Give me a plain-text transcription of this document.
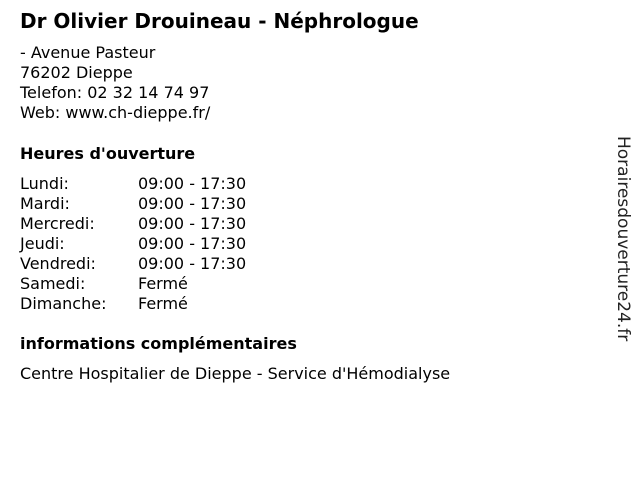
Dr Olivier Drouineau - Néphrologue
- Avenue Pasteur
76202 Dieppe
Telefon: 02 32 14 74 97
Web: www.ch-dieppe.fr/
Heures d'ouverture
Lundi:	09:00 - 17:30
Mardi:	09:00 - 17:30
Mercredi:	09:00 - 17:30
Jeudi:	09:00 - 17:30
Vendredi:	09:00 - 17:30
Samedi:	Fermé
Dimanche:	Fermé
informations complémentaires
Centre Hospitalier de Dieppe - Service d'Hémodialyse
Horairesdouverture24.fr
